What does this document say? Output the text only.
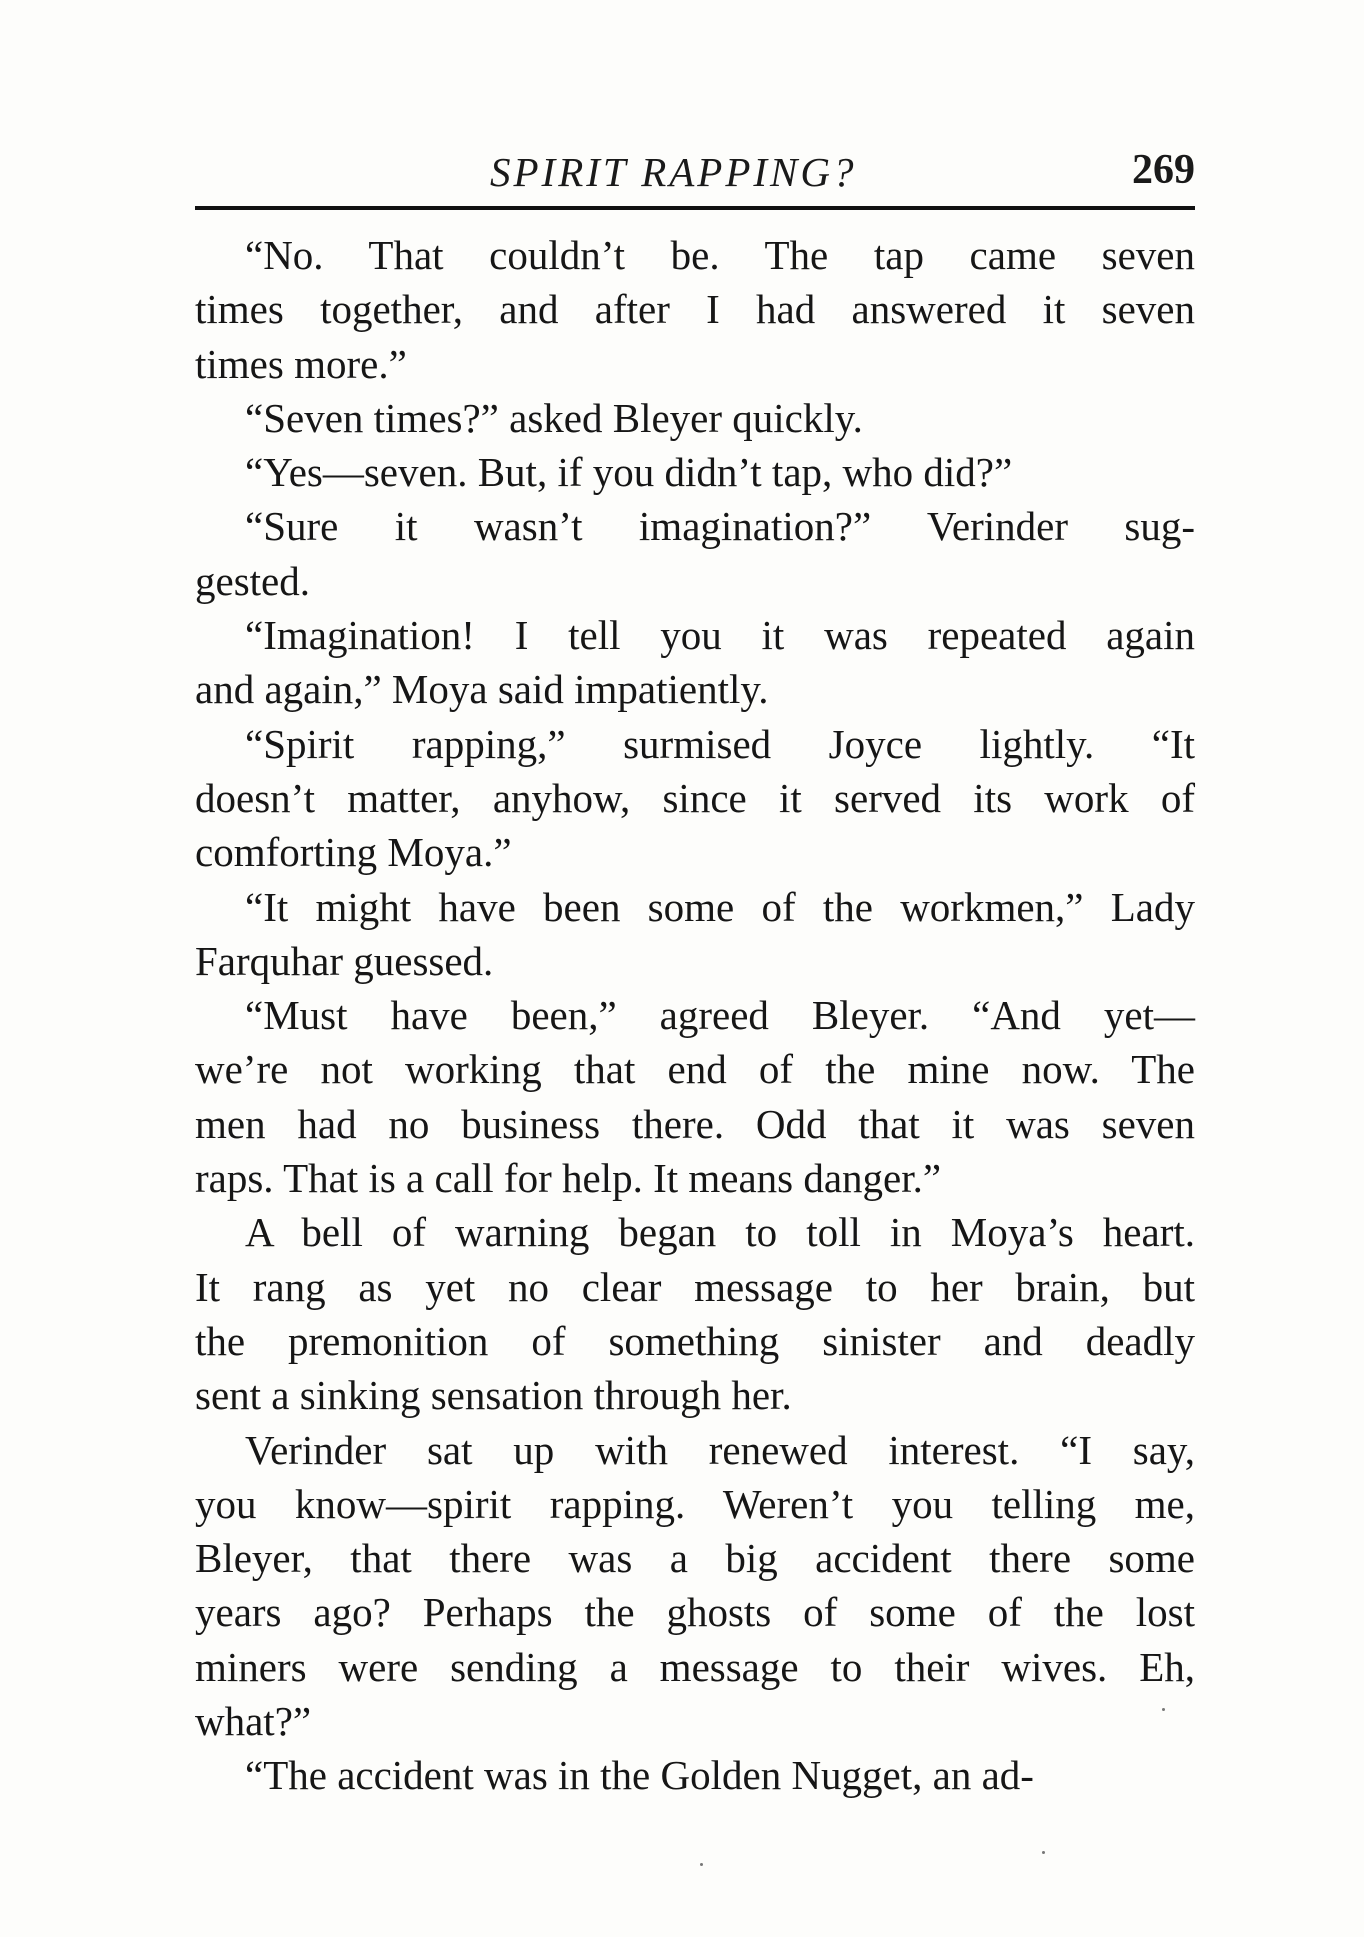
SPIRIT RAPPING?	269
“No. That couldn’t be. The tap came seven
times together, and after I had answered it seven
times more.”
“Seven times?” asked Bleyer quickly.
“Yes—seven. But, if you didn’t tap, who did?”
“Sure it wasn’t imagination?” Verinder sug-
gested.
“Imagination! I tell you it was repeated again
and again,” Moya said impatiently.
“Spirit rapping,” surmised Joyce lightly. “It
doesn’t matter, anyhow, since it served its work of
comforting Moya.”
“It might have been some of the workmen,” Lady
Farquhar guessed.
“Must have been,” agreed Bleyer. “And yet—
we’re not working that end of the mine now. The
men had no business there. Odd that it was seven
raps. That is a call for help. It means danger.”
A bell of warning began to toll in Moya’s heart.
It rang as yet no clear message to her brain, but
the premonition of something sinister and deadly
sent a sinking sensation through her.
Verinder sat up with renewed interest. “I say,
you know—spirit rapping. Weren’t you telling me,
Bleyer, that there was a big accident there some
years ago? Perhaps the ghosts of some of the lost
miners were sending a message to their wives. Eh,
what?”
“The accident was in the Golden Nugget, an ad-
